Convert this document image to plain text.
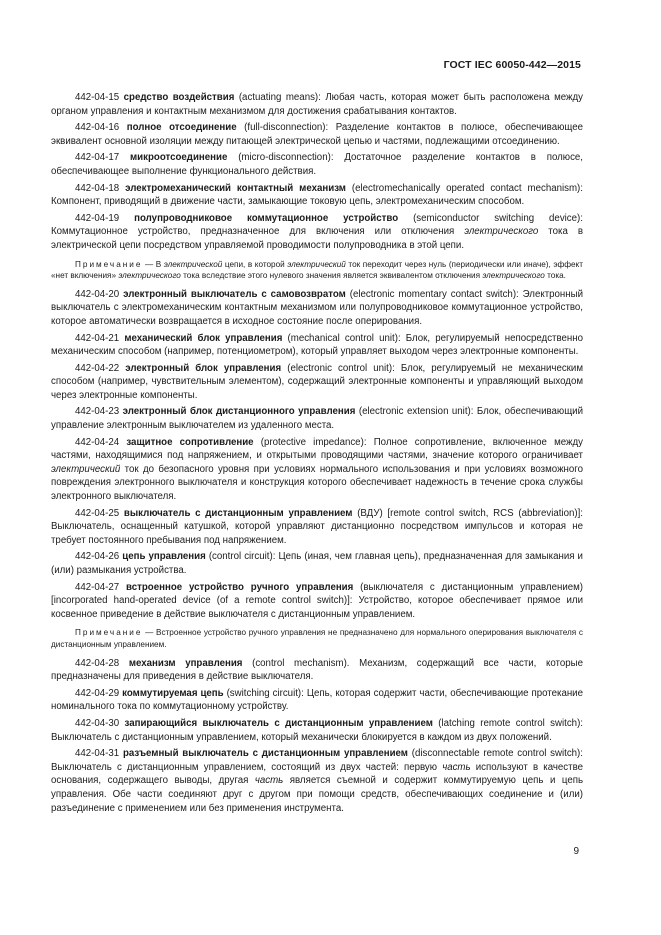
ГОСТ IEC 60050-442—2015

442-04-15 средство воздействия (actuating means): Любая часть, которая может быть расположена между органом управления и контактным механизмом для достижения срабатывания контактов.

442-04-16 полное отсоединение (full-disconnection): Разделение контактов в полюсе, обеспечивающее эквивалент основной изоляции между питающей электрической цепью и частями, подлежащими отсоединению.

442-04-17 микроотсоединение (micro-disconnection): Достаточное разделение контактов в полюсе, обеспечивающее выполнение функционального действия.

442-04-18 электромеханический контактный механизм (electromechanically operated contact mechanism): Компонент, приводящий в движение части, замыкающие токовую цепь, электромеханическим способом.

442-04-19 полупроводниковое коммутационное устройство (semiconductor switching device): Коммутационное устройство, предназначенное для включения или отключения электрического тока в электрической цепи посредством управляемой проводимости полупроводника в этой цепи.

Примечание — В электрической цепи, в которой электрический ток переходит через нуль (периодически или иначе), эффект «нет включения» электрического тока вследствие этого нулевого значения является эквивалентом отключения электрического тока.

442-04-20 электронный выключатель с самовозвратом (electronic momentary contact switch): Электронный выключатель с электромеханическим контактным механизмом или полупроводниковое коммутационное устройство, которое автоматически возвращается в исходное состояние после оперирования.

442-04-21 механический блок управления (mechanical control unit): Блок, регулируемый непосредственно механическим способом (например, потенциометром), который управляет выходом через электронные компоненты.

442-04-22 электронный блок управления (electronic control unit): Блок, регулируемый не механическим способом (например, чувствительным элементом), содержащий электронные компоненты и управляющий выходом через электронные компоненты.

442-04-23 электронный блок дистанционного управления (electronic extension unit): Блок, обеспечивающий управление электронным выключателем из удаленного места.

442-04-24 защитное сопротивление (protective impedance): Полное сопротивление, включенное между частями, находящимися под напряжением, и открытыми проводящими частями, значение которого ограничивает электрический ток до безопасного уровня при условиях нормального использования и при условиях возможного повреждения электронного выключателя и конструкция которого обеспечивает надежность в течение срока службы электронного выключателя.

442-04-25 выключатель с дистанционным управлением (ВДУ) [remote control switch, RCS (abbreviation)]: Выключатель, оснащенный катушкой, которой управляют дистанционно посредством импульсов и которая не требует постоянного пребывания под напряжением.

442-04-26 цепь управления (control circuit): Цепь (иная, чем главная цепь), предназначенная для замыкания и (или) размыкания устройства.

442-04-27 встроенное устройство ручного управления (выключателя с дистанционным управлением) [incorporated hand-operated device (of a remote control switch)]: Устройство, которое обеспечивает прямое или косвенное приведение в действие выключателя с дистанционным управлением.

Примечание — Встроенное устройство ручного управления не предназначено для нормального оперирования выключателя с дистанционным управлением.

442-04-28 механизм управления (control mechanism). Механизм, содержащий все части, которые предназначены для приведения в действие выключателя.

442-04-29 коммутируемая цепь (switching circuit): Цепь, которая содержит части, обеспечивающие протекание номинального тока по коммутационному устройству.

442-04-30 запирающийся выключатель с дистанционным управлением (latching remote control switch): Выключатель с дистанционным управлением, который механически блокируется в каждом из двух положений.

442-04-31 разъемный выключатель с дистанционным управлением (disconnectable remote control switch): Выключатель с дистанционным управлением, состоящий из двух частей: первую часть используют в качестве основания, содержащего выводы, другая часть является съемной и содержит коммутируемую цепь и цепь управления. Обе части соединяют друг с другом при помощи средств, обеспечивающих соединение и (или) разъединение с применением или без применения инструмента.

9
